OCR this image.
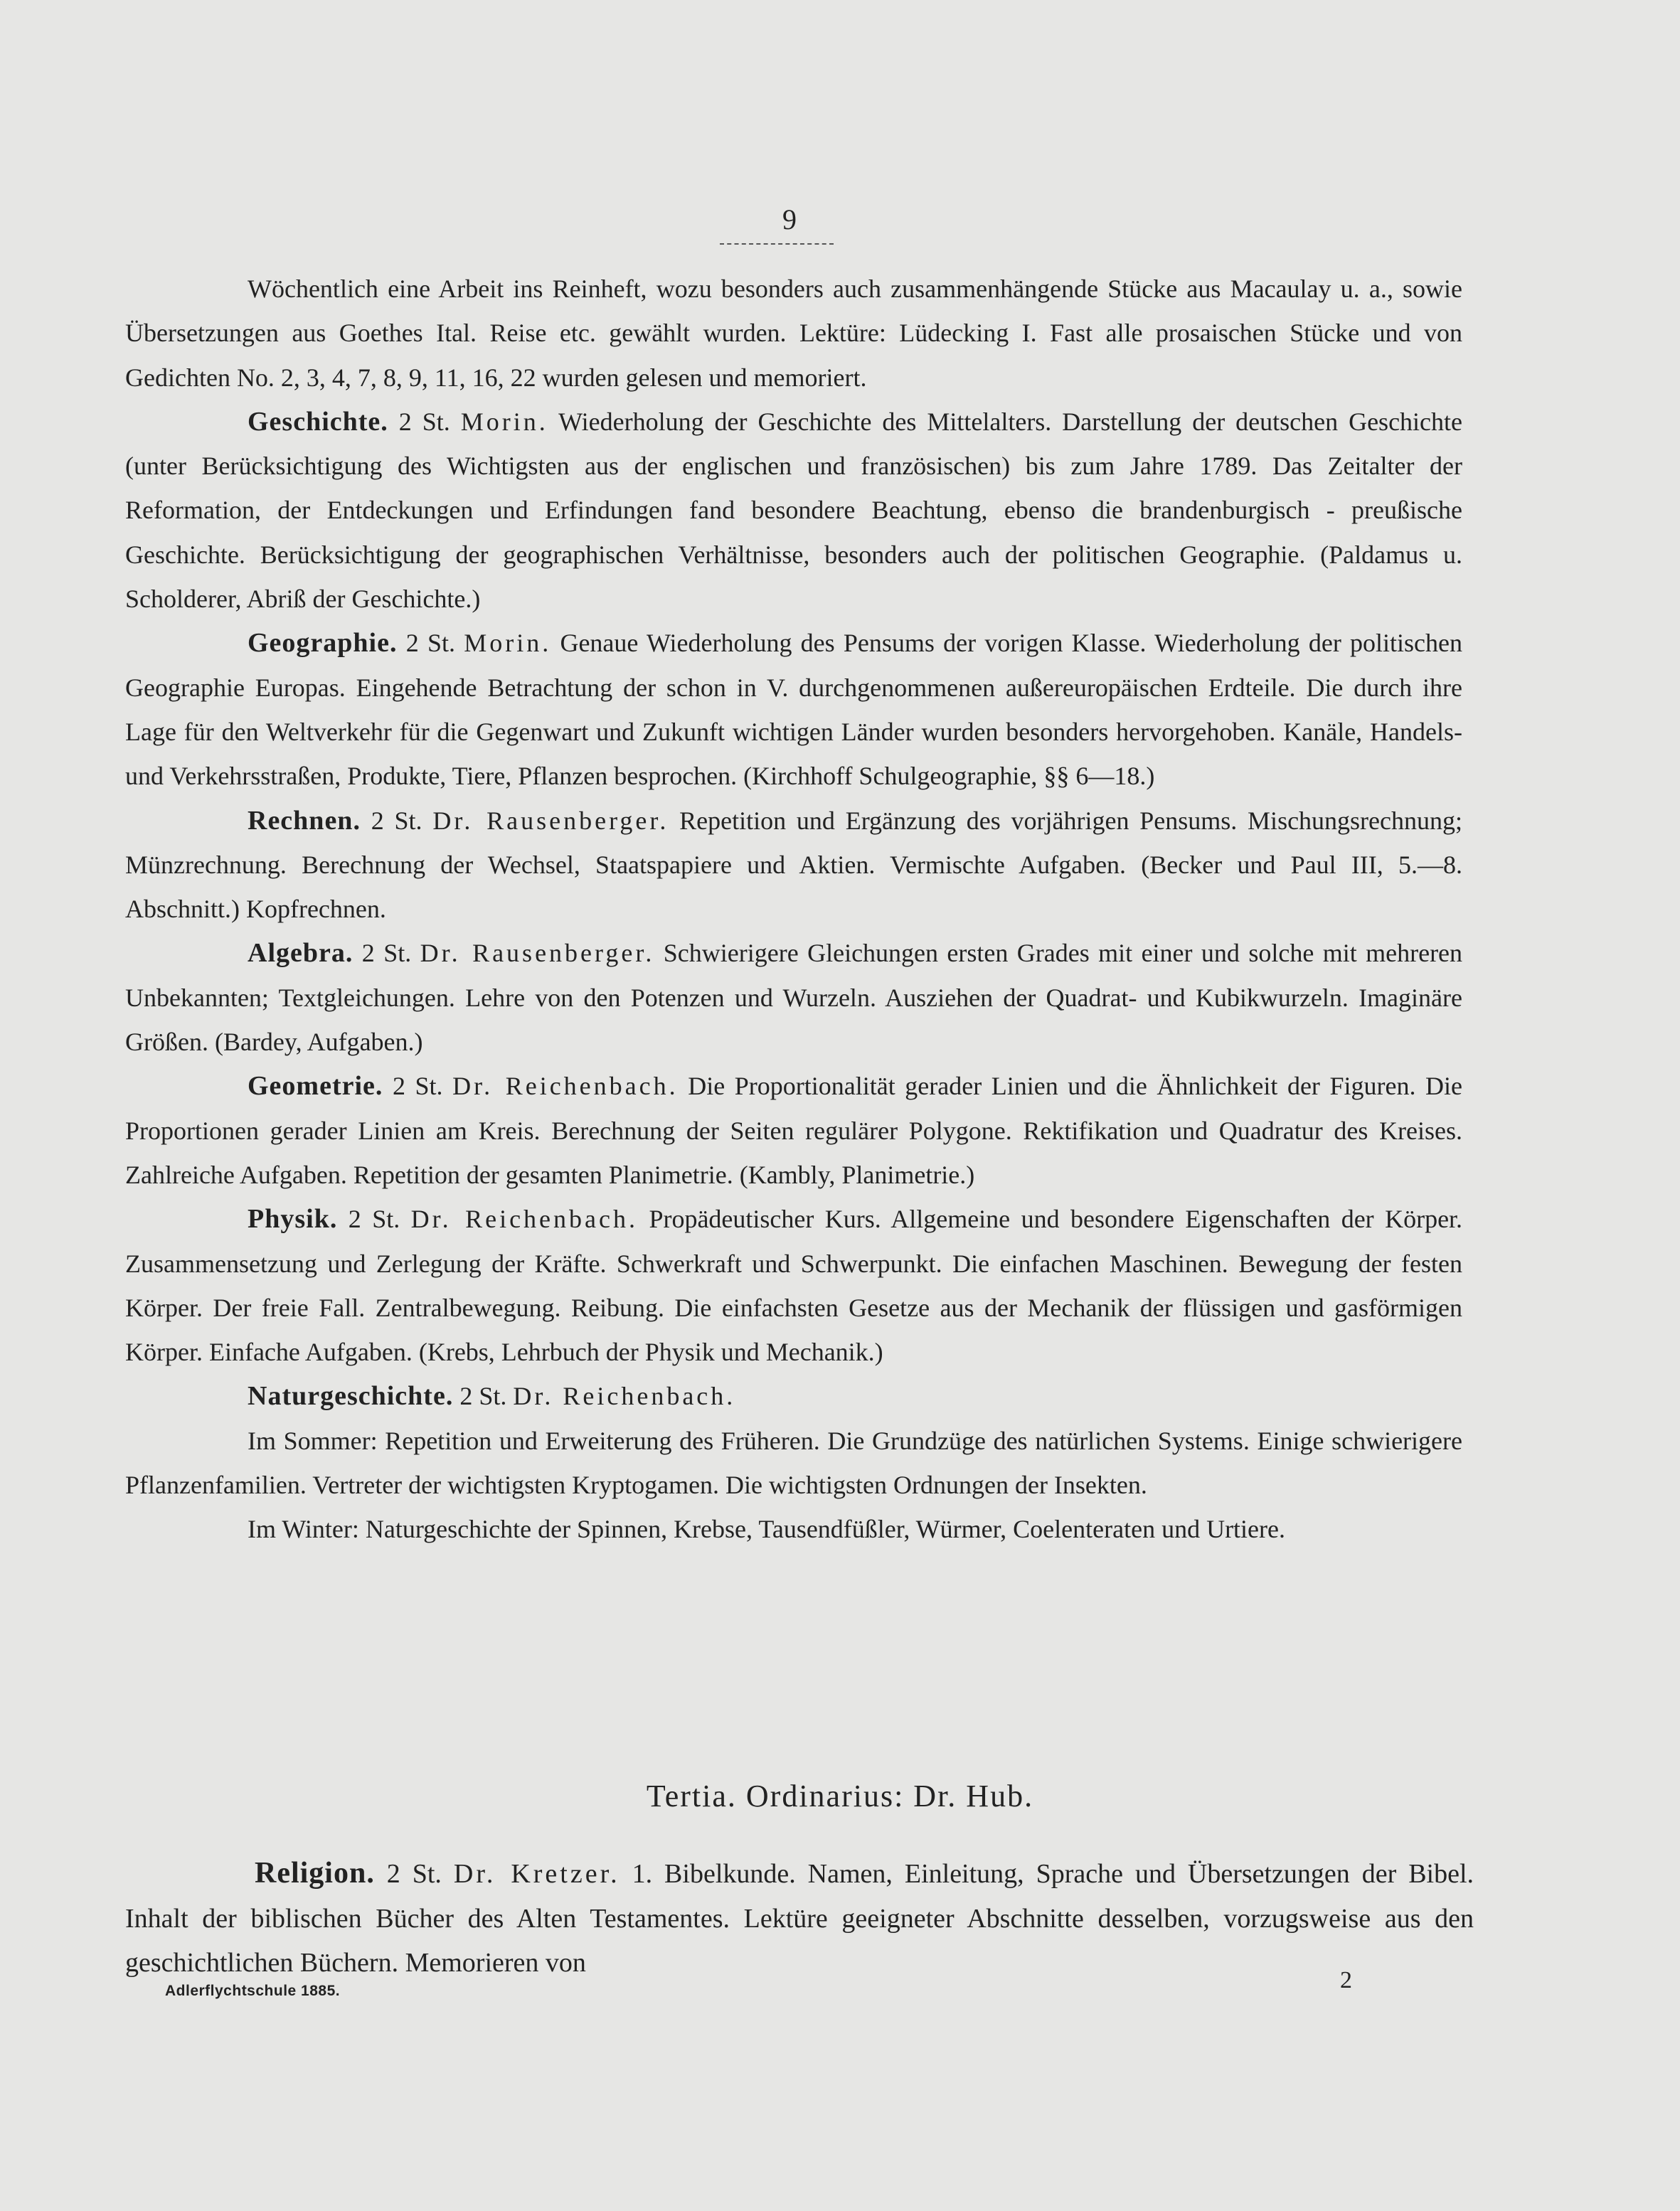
9

Wöchentlich eine Arbeit ins Reinheft, wozu besonders auch zusammenhängende Stücke aus Macaulay u. a., sowie Übersetzungen aus Goethes Ital. Reise etc. gewählt wurden. Lektüre: Lüdecking I. Fast alle prosaischen Stücke und von Gedichten No. 2, 3, 4, 7, 8, 9, 11, 16, 22 wurden gelesen und memoriert.

Geschichte. 2 St. Morin. Wiederholung der Geschichte des Mittelalters. Darstellung der deutschen Geschichte (unter Berücksichtigung des Wichtigsten aus der englischen und französischen) bis zum Jahre 1789. Das Zeitalter der Reformation, der Entdeckungen und Erfindungen fand besondere Beachtung, ebenso die brandenburgisch - preußische Geschichte. Berücksichtigung der geographischen Verhältnisse, besonders auch der politischen Geographie. (Paldamus u. Scholderer, Abriß der Geschichte.)

Geographie. 2 St. Morin. Genaue Wiederholung des Pensums der vorigen Klasse. Wiederholung der politischen Geographie Europas. Eingehende Betrachtung der schon in V. durchgenommenen außereuropäischen Erdteile. Die durch ihre Lage für den Weltverkehr für die Gegenwart und Zukunft wichtigen Länder wurden besonders hervorgehoben. Kanäle, Handels- und Verkehrsstraßen, Produkte, Tiere, Pflanzen besprochen. (Kirchhoff Schulgeographie, §§ 6—18.)

Rechnen. 2 St. Dr. Rausenberger. Repetition und Ergänzung des vorjährigen Pensums. Mischungsrechnung; Münzrechnung. Berechnung der Wechsel, Staatspapiere und Aktien. Vermischte Aufgaben. (Becker und Paul III, 5.—8. Abschnitt.) Kopfrechnen.

Algebra. 2 St. Dr. Rausenberger. Schwierigere Gleichungen ersten Grades mit einer und solche mit mehreren Unbekannten; Textgleichungen. Lehre von den Potenzen und Wurzeln. Ausziehen der Quadrat- und Kubikwurzeln. Imaginäre Größen. (Bardey, Aufgaben.)

Geometrie. 2 St. Dr. Reichenbach. Die Proportionalität gerader Linien und die Ähnlichkeit der Figuren. Die Proportionen gerader Linien am Kreis. Berechnung der Seiten regulärer Polygone. Rektifikation und Quadratur des Kreises. Zahlreiche Aufgaben. Repetition der gesamten Planimetrie. (Kambly, Planimetrie.)

Physik. 2 St. Dr. Reichenbach. Propädeutischer Kurs. Allgemeine und besondere Eigenschaften der Körper. Zusammensetzung und Zerlegung der Kräfte. Schwerkraft und Schwerpunkt. Die einfachen Maschinen. Bewegung der festen Körper. Der freie Fall. Zentralbewegung. Reibung. Die einfachsten Gesetze aus der Mechanik der flüssigen und gasförmigen Körper. Einfache Aufgaben. (Krebs, Lehrbuch der Physik und Mechanik.)

Naturgeschichte. 2 St. Dr. Reichenbach.

Im Sommer: Repetition und Erweiterung des Früheren. Die Grundzüge des natürlichen Systems. Einige schwierigere Pflanzenfamilien. Vertreter der wichtigsten Kryptogamen. Die wichtigsten Ordnungen der Insekten.

Im Winter: Naturgeschichte der Spinnen, Krebse, Tausendfüßler, Würmer, Coelenteraten und Urtiere.

Tertia. Ordinarius: Dr. Hub.

Religion. 2 St. Dr. Kretzer. 1. Bibelkunde. Namen, Einleitung, Sprache und Übersetzungen der Bibel. Inhalt der biblischen Bücher des Alten Testamentes. Lektüre geeigneter Abschnitte desselben, vorzugsweise aus den geschichtlichen Büchern. Memorieren von

Adlerflychtschule 1885.	2
